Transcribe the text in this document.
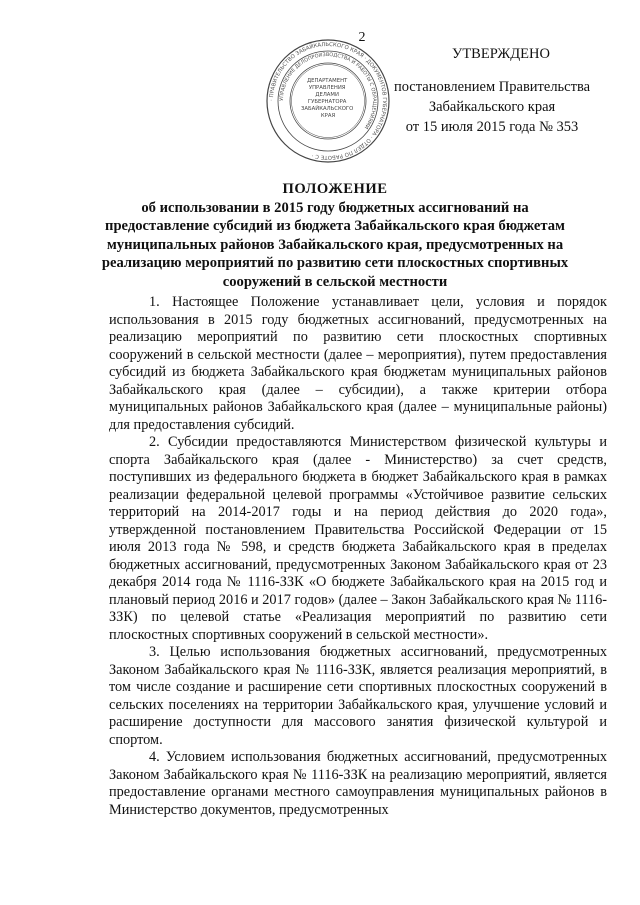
2
· ПРАВИТЕЛЬСТВО ЗАБАЙКАЛЬСКОГО КРАЯ · ДОКУМЕНТОВ ГУБЕРНАТОРА · ОТДЕЛ ПО РАБОТЕ С ·
УПРАВЛЕНИЕ ДЕЛОПРОИЗВОДСТВА И РАБОТЫ С ОБРАЩЕНИЯМИ
ДЕПАРТАМЕНТ УПРАВЛЕНИЯ ДЕЛАМИ ГУБЕРНАТОРА ЗАБАЙКАЛЬСКОГО КРАЯ
УТВЕРЖДЕНО
постановлением Правительства
Забайкальского края
от 15 июля 2015 года № 353
ПОЛОЖЕНИЕ
об использовании в 2015 году бюджетных ассигнований на предоставление субсидий из бюджета Забайкальского края бюджетам муниципальных районов Забайкальского края, предусмотренных на реализацию мероприятий по развитию сети плоскостных спортивных сооружений в сельской местности

1. Настоящее Положение устанавливает цели, условия и порядок использования в 2015 году бюджетных ассигнований, предусмотренных на реализацию мероприятий по развитию сети плоскостных спортивных сооружений в сельской местности (далее – мероприятия), путем предоставления субсидий из бюджета Забайкальского края бюджетам муниципальных районов Забайкальского края (далее – субсидии), а также критерии отбора муниципальных районов Забайкальского края (далее – муниципальные районы) для предоставления субсидий.

2. Субсидии предоставляются Министерством физической культуры и спорта Забайкальского края (далее - Министерство) за счет средств, поступивших из федерального бюджета в бюджет Забайкальского края в рамках реализации федеральной целевой программы «Устойчивое развитие сельских территорий на 2014-2017 годы и на период действия до 2020 года», утвержденной постановлением Правительства Российской Федерации от 15 июля 2013 года № 598, и средств бюджета Забайкальского края в пределах бюджетных ассигнований, предусмотренных Законом Забайкальского края от 23 декабря 2014 года № 1116-ЗЗК «О бюджете Забайкальского края на 2015 год и плановый период 2016 и 2017 годов» (далее – Закон Забайкальского края № 1116-ЗЗК) по целевой статье «Реализация мероприятий по развитию сети плоскостных спортивных сооружений в сельской местности».

3. Целью использования бюджетных ассигнований, предусмотренных Законом Забайкальского края № 1116-ЗЗК, является реализация мероприятий, в том числе создание и расширение сети спортивных плоскостных сооружений в сельских поселениях на территории Забайкальского края, улучшение условий и расширение доступности для массового занятия физической культурой и спортом.

4. Условием использования бюджетных ассигнований, предусмотренных Законом Забайкальского края № 1116-ЗЗК на реализацию мероприятий, является предоставление органами местного самоуправления муниципальных районов в Министерство документов, предусмотренных
